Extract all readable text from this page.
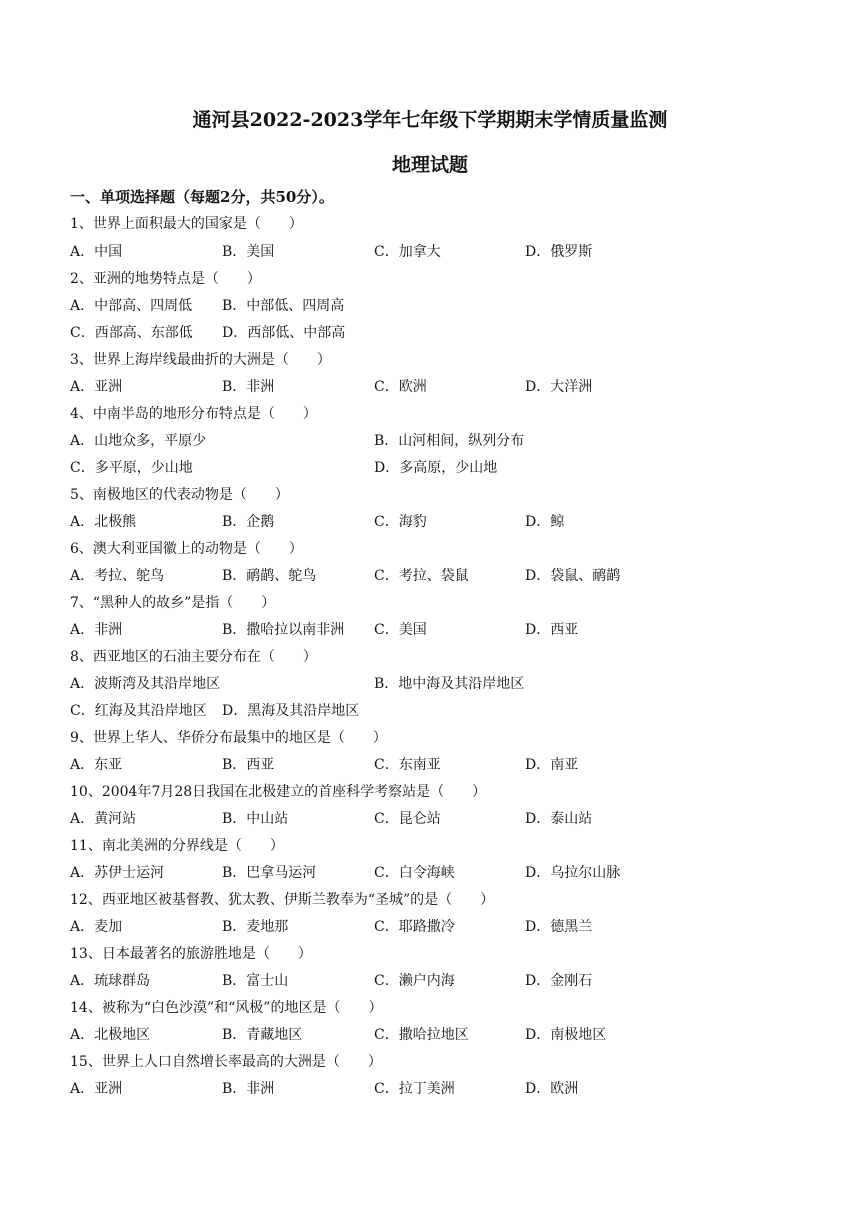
通河县2022-2023学年七年级下学期期末学情质量监测
地理试题
一、单项选择题（每题2分，共50分）。
1、世界上面积最大的国家是（　　）
A．中国	B．美国	C．加拿大	D．俄罗斯
2、亚洲的地势特点是（　　）
A．中部高、四周低 B．中部低、四周高
C．西部高、东部低 D．西部低、中部高
3、世界上海岸线最曲折的大洲是（　　）
A．亚洲	B．非洲	C．欧洲	D．大洋洲
4、中南半岛的地形分布特点是（　　）
A．山地众多，平原少	B．山河相间，纵列分布
C．多平原，少山地	D．多高原，少山地
5、南极地区的代表动物是（　　）
A．北极熊	B．企鹅	C．海豹	D．鲸
6、澳大利亚国徽上的动物是（　　）
A．考拉、鸵鸟	B．鸸鹋、鸵鸟	C．考拉、袋鼠	D．袋鼠、鸸鹋
7、“黑种人的故乡”是指（　　）
A．非洲	B．撒哈拉以南非洲 C．美国	D．西亚
8、西亚地区的石油主要分布在（　　）
A．波斯湾及其沿岸地区	B．地中海及其沿岸地区
C．红海及其沿岸地区 D．黑海及其沿岸地区
9、世界上华人、华侨分布最集中的地区是（　　）
A．东亚	B．西亚	C．东南亚	D．南亚
10、2004年7月28日我国在北极建立的首座科学考察站是（　　）
A．黄河站	B．中山站	C．昆仑站	D．泰山站
11、南北美洲的分界线是（　　）
A．苏伊士运河	B．巴拿马运河	C．白令海峡	D．乌拉尔山脉
12、西亚地区被基督教、犹太教、伊斯兰教奉为“圣城”的是（　　）
A．麦加	B．麦地那	C．耶路撒冷	D．德黑兰
13、日本最著名的旅游胜地是（　　）
A．琉球群岛	B．富士山	C．濑户内海	D．金刚石
14、被称为“白色沙漠”和“风极”的地区是（　　）
A．北极地区	B．青藏地区	C．撒哈拉地区	D．南极地区
15、世界上人口自然增长率最高的大洲是（　　）
A．亚洲	B．非洲	C．拉丁美洲	D．欧洲
